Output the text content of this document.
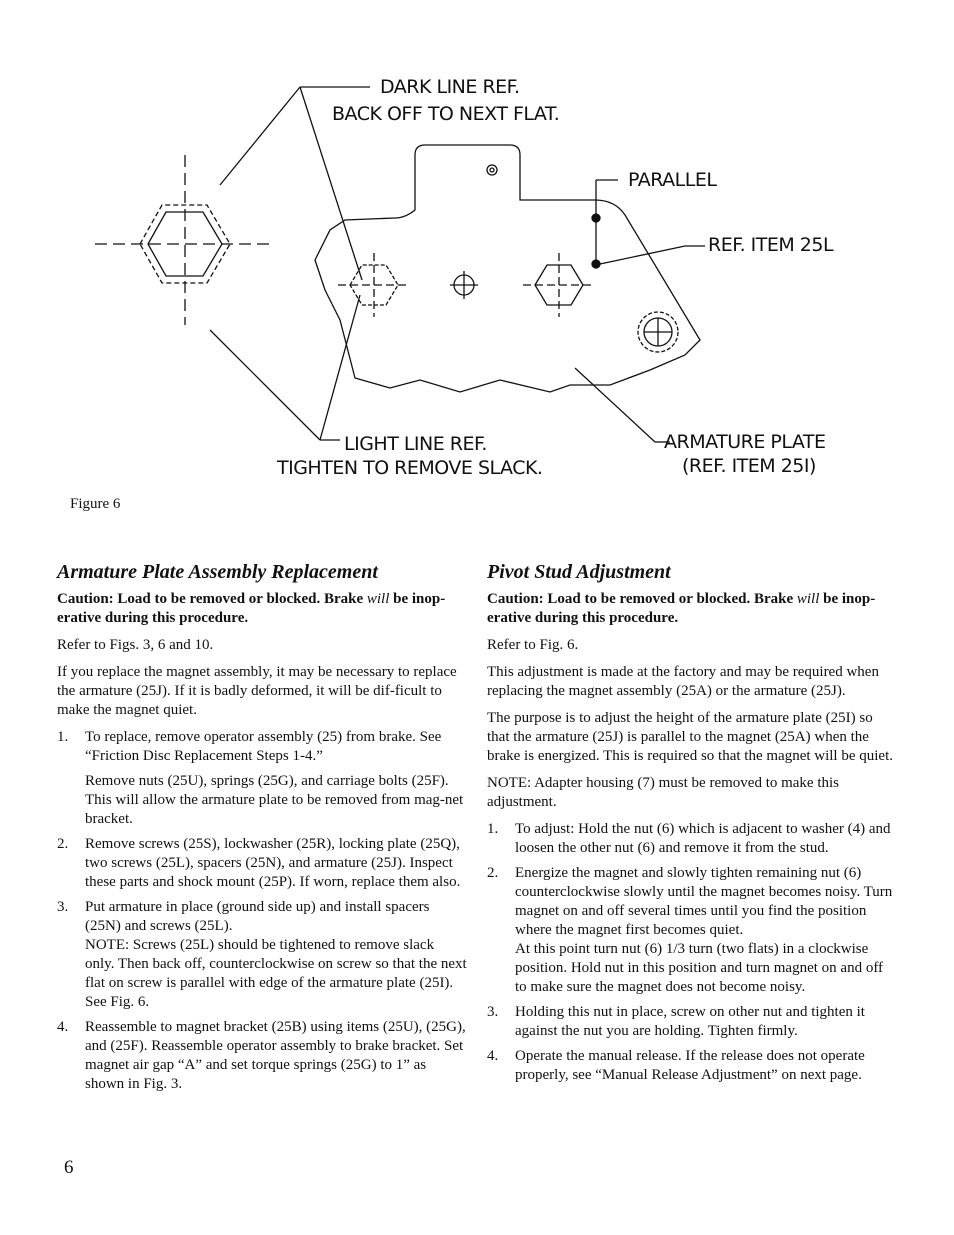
DARK LINE REF.
BACK OFF TO NEXT FLAT.
PARALLEL
REF. ITEM 25L
LIGHT LINE REF.
TIGHTEN TO REMOVE SLACK.
ARMATURE PLATE
(REF. ITEM 25I)
Figure 6
Armature Plate Assembly Replacement

Caution: Load to be removed or blocked. Brake will be inop-erative during this procedure.

Refer to Figs. 3, 6 and 10.

If you replace the magnet assembly, it may be necessary to replace the armature (25J). If it is badly deformed, it will be dif-ficult to make the magnet quiet.

1. To replace, remove operator assembly (25) from brake. See “Friction Disc Replacement Steps 1-4.”
Remove nuts (25U), springs (25G), and carriage bolts (25F). This will allow the armature plate to be removed from mag-net bracket.
2. Remove screws (25S), lockwasher (25R), locking plate (25Q), two screws (25L), spacers (25N), and armature (25J). Inspect these parts and shock mount (25P). If worn, replace them also.
3. Put armature in place (ground side up) and install spacers (25N) and screws (25L).
NOTE: Screws (25L) should be tightened to remove slack only. Then back off, counterclockwise on screw so that the next flat on screw is parallel with edge of the armature plate (25I). See Fig. 6.
4. Reassemble to magnet bracket (25B) using items (25U), (25G), and (25F). Reassemble operator assembly to brake bracket. Set magnet air gap “A” and set torque springs (25G) to 1” as shown in Fig. 3.
Pivot Stud Adjustment

Caution: Load to be removed or blocked. Brake will be inop-erative during this procedure.

Refer to Fig. 6.

This adjustment is made at the factory and may be required when replacing the magnet assembly (25A) or the armature (25J).

The purpose is to adjust the height of the armature plate (25I) so that the armature (25J) is parallel to the magnet (25A) when the brake is energized. This is required so that the magnet will be quiet.

NOTE: Adapter housing (7) must be removed to make this adjustment.

1. To adjust: Hold the nut (6) which is adjacent to washer (4) and loosen the other nut (6) and remove it from the stud.
2. Energize the magnet and slowly tighten remaining nut (6) counterclockwise slowly until the magnet becomes noisy. Turn magnet on and off several times until you find the position where the magnet first becomes quiet.
At this point turn nut (6) 1/3 turn (two flats) in a clockwise position. Hold nut in this position and turn magnet on and off to make sure the magnet does not become noisy.
3. Holding this nut in place, screw on other nut and tighten it against the nut you are holding. Tighten firmly.
4. Operate the manual release. If the release does not operate properly, see “Manual Release Adjustment” on next page.
6
